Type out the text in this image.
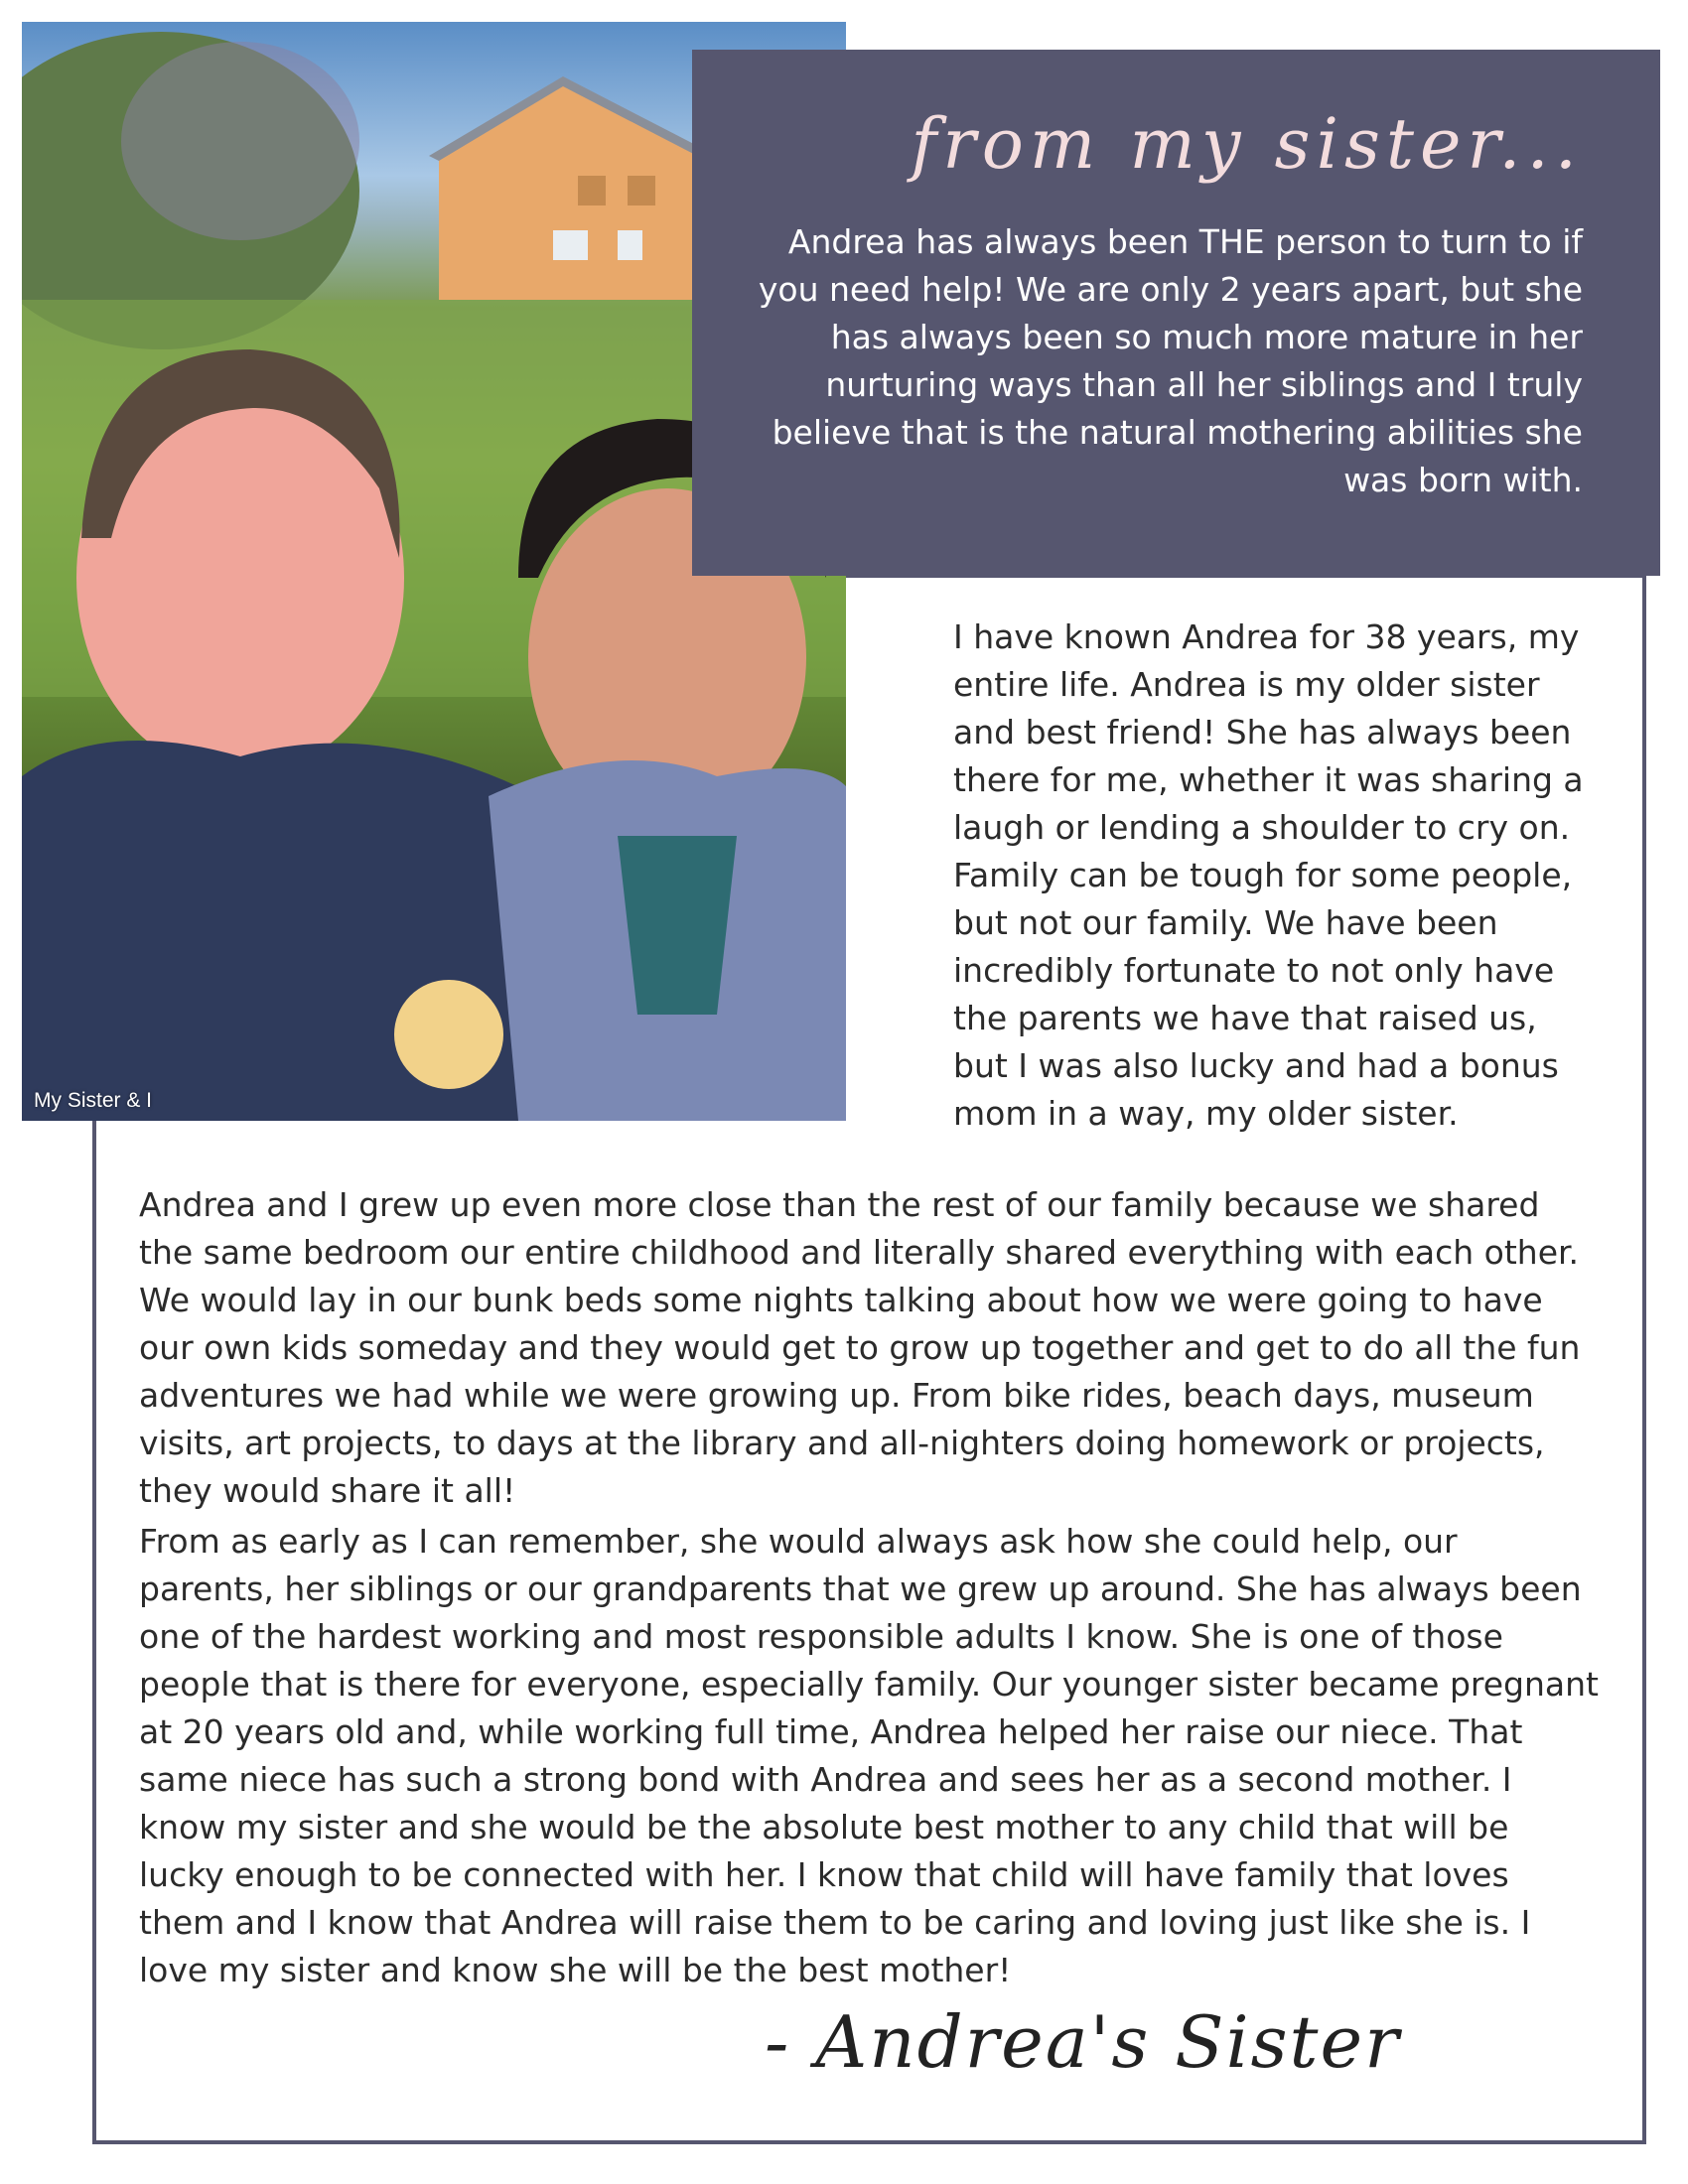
My Sister & I
from my sister...

Andrea has always been THE person to turn to if you need help! We are only 2 years apart, but she has always been so much more mature in her nurturing ways than all her siblings and I truly believe that is the natural mothering abilities she was born with.

I have known Andrea for 38 years, my entire life. Andrea is my older sister and best friend! She has always been there for me, whether it was sharing a laugh or lending a shoulder to cry on. Family can be tough for some people, but not our family. We have been incredibly fortunate to not only have the parents we have that raised us, but I was also lucky and had a bonus mom in a way, my older sister.

Andrea and I grew up even more close than the rest of our family because we shared the same bedroom our entire childhood and literally shared everything with each other. We would lay in our bunk beds some nights talking about how we were going to have our own kids someday and they would get to grow up together and get to do all the fun adventures we had while we were growing up. From bike rides, beach days, museum visits, art projects, to days at the library and all-nighters doing homework or projects, they would share it all!

From as early as I can remember, she would always ask how she could help, our parents, her siblings or our grandparents that we grew up around. She has always been one of the hardest working and most responsible adults I know. She is one of those people that is there for everyone, especially family. Our younger sister became pregnant at 20 years old and, while working full time, Andrea helped her raise our niece. That same niece has such a strong bond with Andrea and sees her as a second mother. I know my sister and she would be the absolute best mother to any child that will be lucky enough to be connected with her. I know that child will have family that loves them and I know that Andrea will raise them to be caring and loving just like she is. I love my sister and know she will be the best mother!

- Andrea's Sister
